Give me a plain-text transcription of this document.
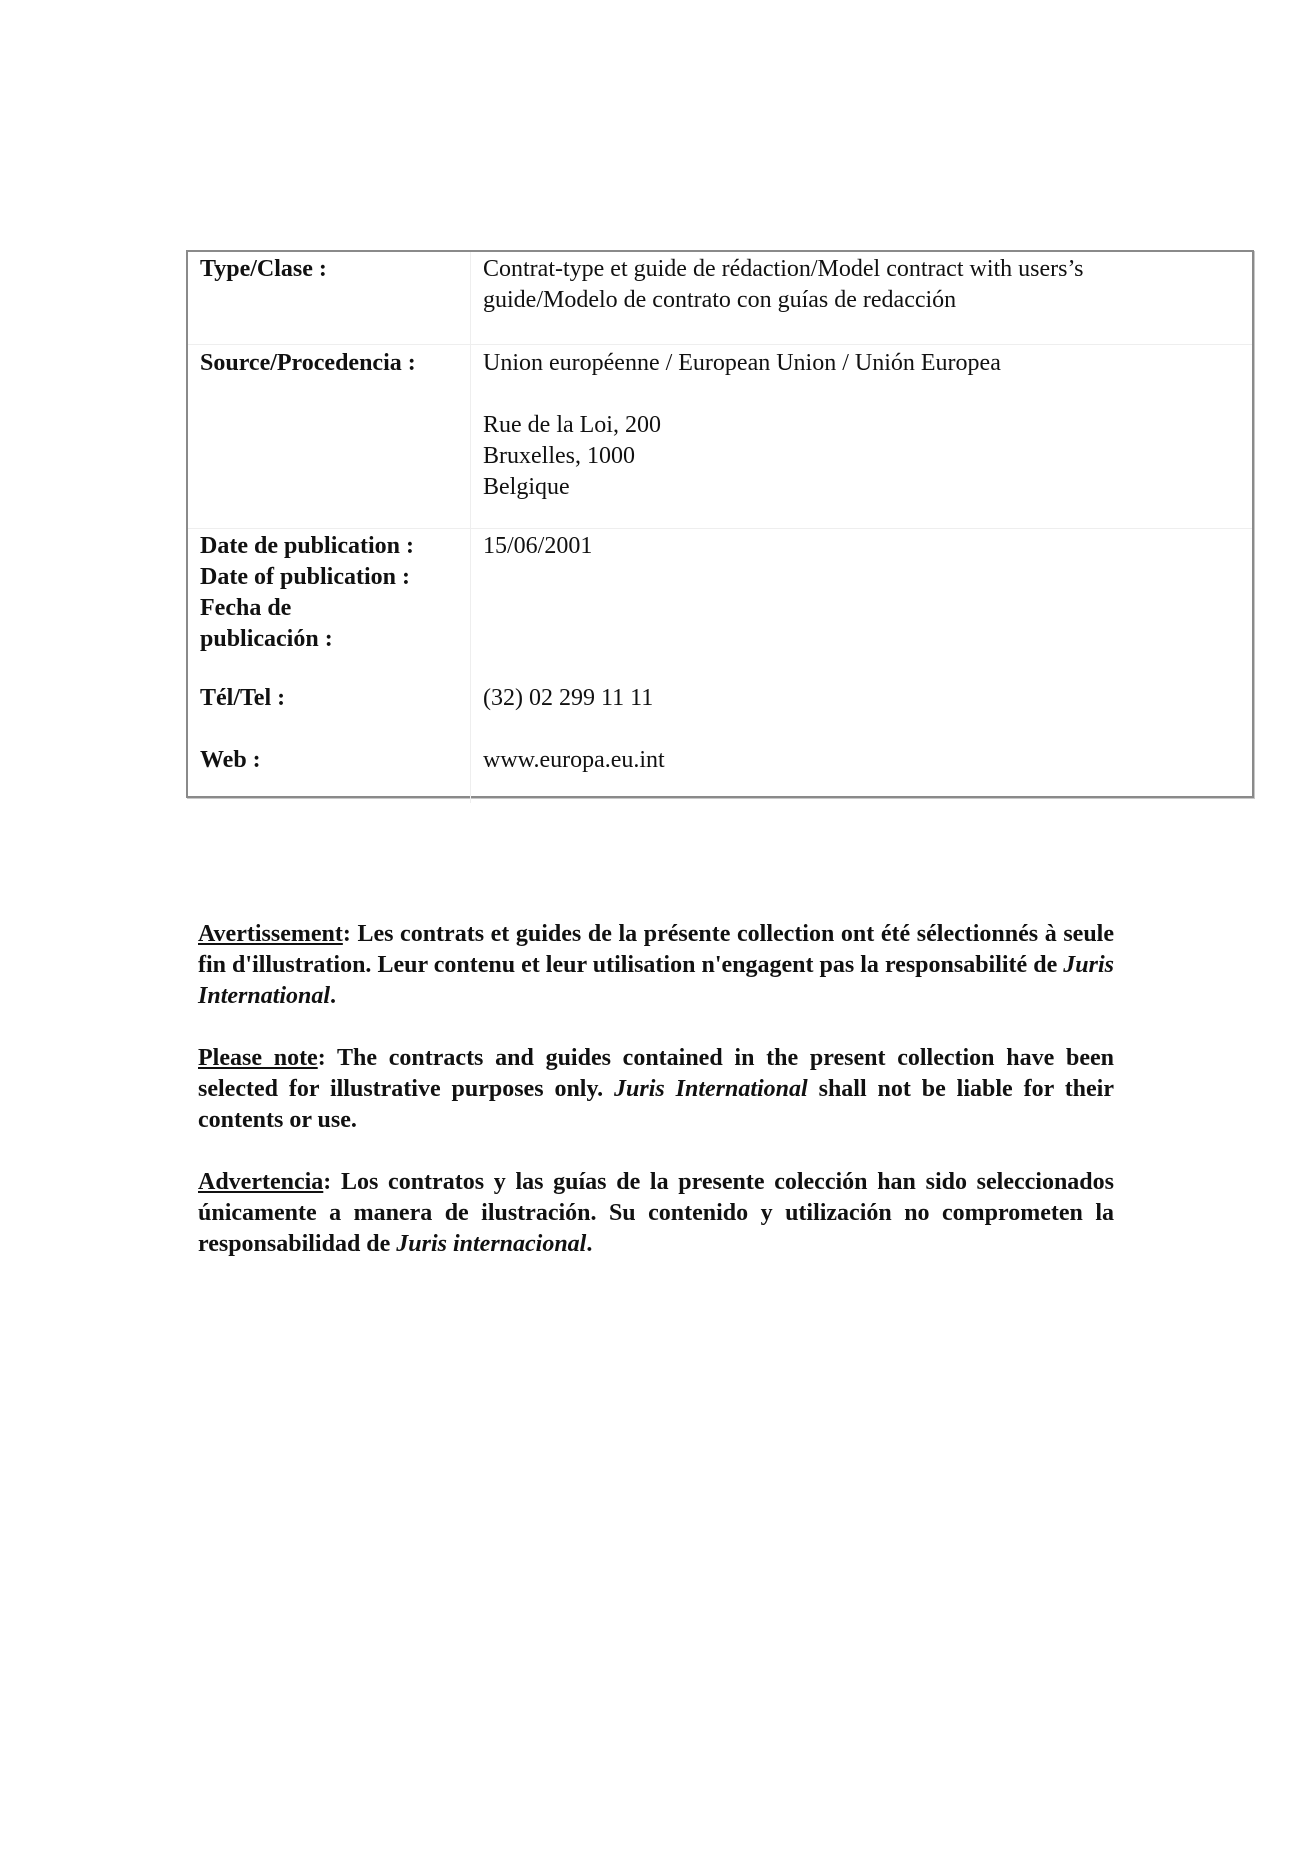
Type/Clase :	Contrat-type et guide de rédaction/Model contract with users’s
guide/Modelo de contrato con guías de redacción

Source/Procedencia :	Union européenne / European Union / Unión Europea
Rue de la Loi, 200
Bruxelles, 1000
Belgique

Date de publication :
Date of publication :
Fecha de
publicación :	15/06/2001
Tél/Tel :	(32) 02 299 11 11
Web :	www.europa.eu.int

Avertissement: Les contrats et guides de la présente collection ont été sélectionnés à seule fin d'illustration. Leur contenu et leur utilisation n'engagent pas la responsabilité de Juris International.

Please note: The contracts and guides contained in the present collection have been selected for illustrative purposes only. Juris International shall not be liable for their contents or use.

Advertencia: Los contratos y las guías de la presente colección han sido seleccionados únicamente a manera de ilustración. Su contenido y utilización no comprometen la responsabilidad de Juris internacional.
